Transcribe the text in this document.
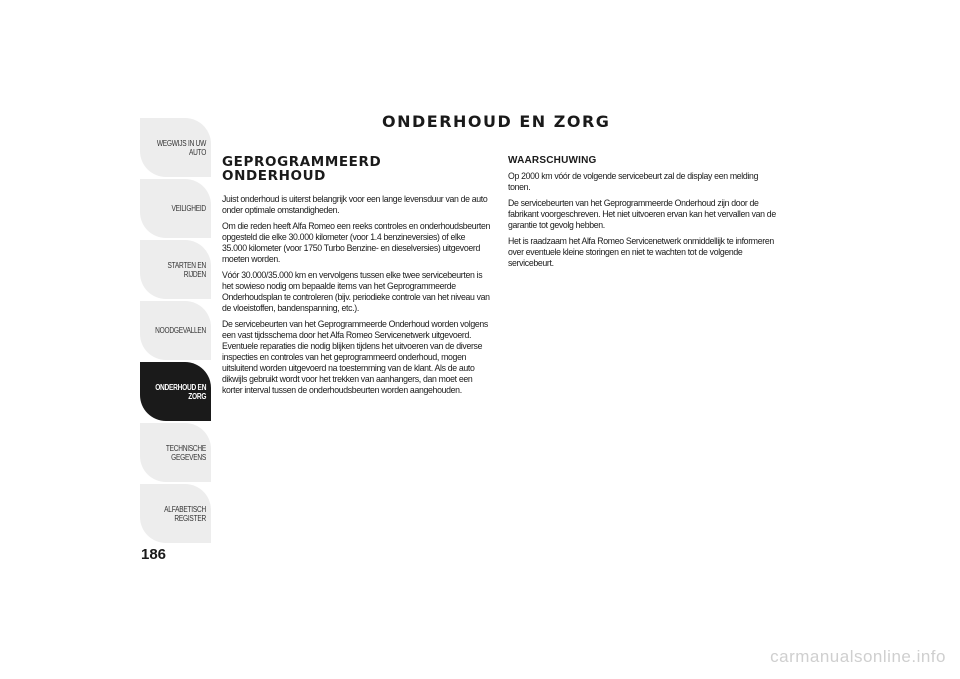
WEGWIJS IN UW
AUTO
VEILIGHEID
STARTEN EN RIJDEN
NOODGEVALLEN
ONDERHOUD EN
ZORG
TECHNISCHE
GEGEVENS
ALFABETISCH
REGISTER
186
ONDERHOUD EN ZORG
GEPROGRAMMEERD
ONDERHOUD

Juist onderhoud is uiterst belangrijk voor een lange levensduur van de auto onder optimale omstandigheden.

Om die reden heeft Alfa Romeo een reeks controles en onderhoudsbeurten opgesteld die elke 30.000 kilometer (voor 1.4 benzineversies) of elke 35.000 kilometer (voor 1750 Turbo Benzine- en dieselversies) uitgevoerd moeten worden.

Vóór 30.000/35.000 km en vervolgens tussen elke twee servicebeurten is het sowieso nodig om bepaalde items van het Geprogrammeerde Onderhoudsplan te controleren (bijv. periodieke controle van het niveau van de vloeistoffen, bandenspanning, etc.).

De servicebeurten van het Geprogrammeerde Onderhoud worden volgens een vast tijdsschema door het Alfa Romeo Servicenetwerk uitgevoerd. Eventuele reparaties die nodig blijken tijdens het uitvoeren van de diverse inspecties en controles van het geprogrammeerd onderhoud, mogen uitsluitend worden uitgevoerd na toestemming van de klant. Als de auto dikwijls gebruikt wordt voor het trekken van aanhangers, dan moet een korter interval tussen de onderhoudsbeurten worden aangehouden.

WAARSCHUWING

Op 2000 km vóór de volgende servicebeurt zal de display een melding tonen.

De servicebeurten van het Geprogrammeerde Onderhoud zijn door de fabrikant voorgeschreven. Het niet uitvoeren ervan kan het vervallen van de garantie tot gevolg hebben.

Het is raadzaam het Alfa Romeo Servicenetwerk onmiddellijk te informeren over eventuele kleine storingen en niet te wachten tot de volgende servicebeurt.

carmanualsonline.info
